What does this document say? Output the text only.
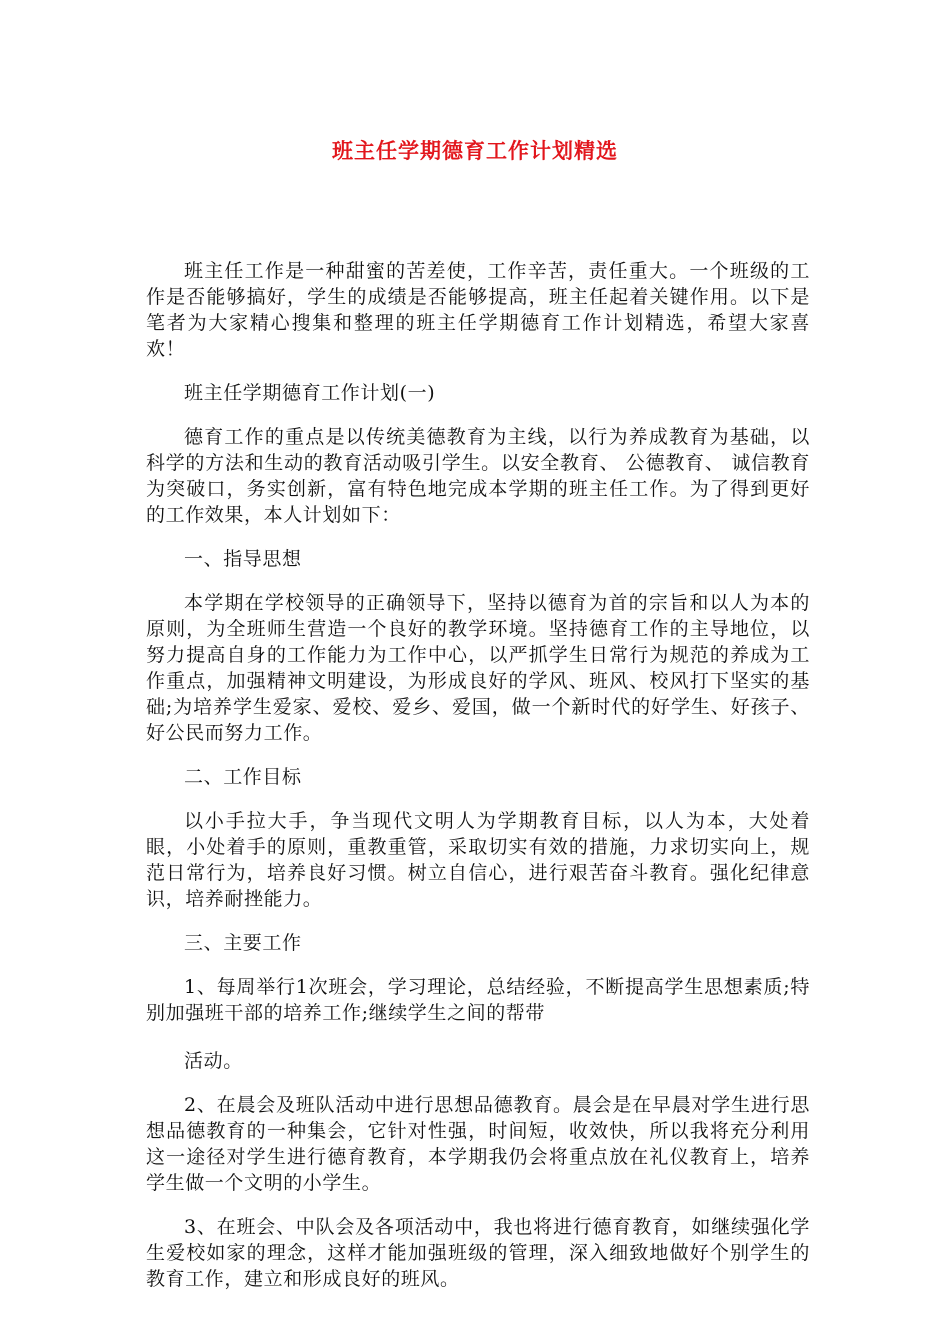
班主任学期德育工作计划精选

班主任工作是一种甜蜜的苦差使，工作辛苦，责任重大。一个班级的工作是否能够搞好，学生的成绩是否能够提高，班主任起着关键作用。以下是笔者为大家精心搜集和整理的班主任学期德育工作计划精选，希望大家喜欢！

班主任学期德育工作计划(一)

德育工作的重点是以传统美德教育为主线，以行为养成教育为基础，以科学的方法和生动的教育活动吸引学生。以安全教育、 公德教育、 诚信教育为突破口，务实创新，富有特色地完成本学期的班主任工作。为了得到更好的工作效果，本人计划如下：

一、指导思想

本学期在学校领导的正确领导下，坚持以德育为首的宗旨和以人为本的原则，为全班师生营造一个良好的教学环境。坚持德育工作的主导地位，以努力提高自身的工作能力为工作中心，以严抓学生日常行为规范的养成为工作重点，加强精神文明建设，为形成良好的学风、班风、校风打下坚实的基础;为培养学生爱家、爱校、爱乡、爱国，做一个新时代的好学生、好孩子、好公民而努力工作。

二、工作目标

以小手拉大手，争当现代文明人为学期教育目标，以人为本，大处着眼，小处着手的原则，重教重管，采取切实有效的措施，力求切实向上，规范日常行为，培养良好习惯。树立自信心，进行艰苦奋斗教育。强化纪律意识，培养耐挫能力。

三、主要工作

1、每周举行1次班会，学习理论，总结经验，不断提高学生思想素质;特别加强班干部的培养工作;继续学生之间的帮带

活动。

2、在晨会及班队活动中进行思想品德教育。晨会是在早晨对学生进行思想品德教育的一种集会，它针对性强，时间短，收效快，所以我将充分利用这一途径对学生进行德育教育，本学期我仍会将重点放在礼仪教育上，培养学生做一个文明的小学生。

3、在班会、中队会及各项活动中，我也将进行德育教育，如继续强化学生爱校如家的理念，这样才能加强班级的管理，深入细致地做好个别学生的教育工作，建立和形成良好的班风。
